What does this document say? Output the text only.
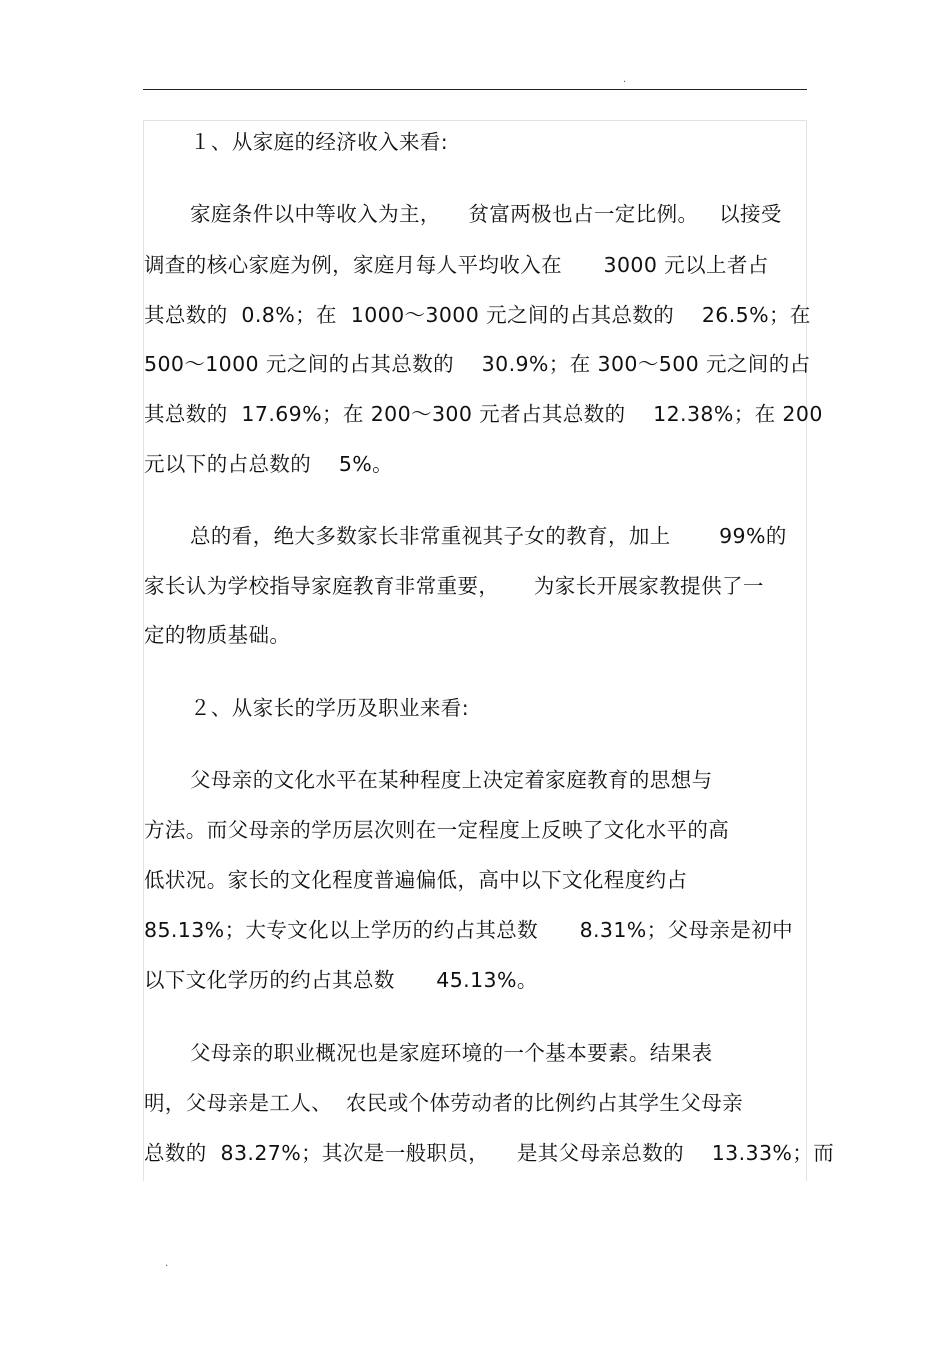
.
１、从家庭的经济收入来看:
家庭条件以中等收入为主，    贫富两极也占一定比例。   以接受
调查的核心家庭为例，家庭月每人平均收入在      3000 元以上者占
其总数的  0.8%；在  1000～3000 元之间的占其总数的    26.5%；在
500～1000 元之间的占其总数的    30.9%；在 300～500 元之间的占
其总数的  17.69%；在 200～300 元者占其总数的    12.38%；在 200
元以下的占总数的    5%。
总的看，绝大多数家长非常重视其子女的教育，加上       99%的
家长认为学校指导家庭教育非常重要，     为家长开展家教提供了一
定的物质基础。
２、从家长的学历及职业来看:
父母亲的文化水平在某种程度上决定着家庭教育的思想与
方法。而父母亲的学历层次则在一定程度上反映了文化水平的高
低状况。家长的文化程度普遍偏低，高中以下文化程度约占
85.13%；大专文化以上学历的约占其总数      8.31%；父母亲是初中
以下文化学历的约占其总数      45.13%。
父母亲的职业概况也是家庭环境的一个基本要素。结果表
明，父母亲是工人、  农民或个体劳动者的比例约占其学生父母亲
总数的  83.27%；其次是一般职员，    是其父母亲总数的    13.33%；而
.
